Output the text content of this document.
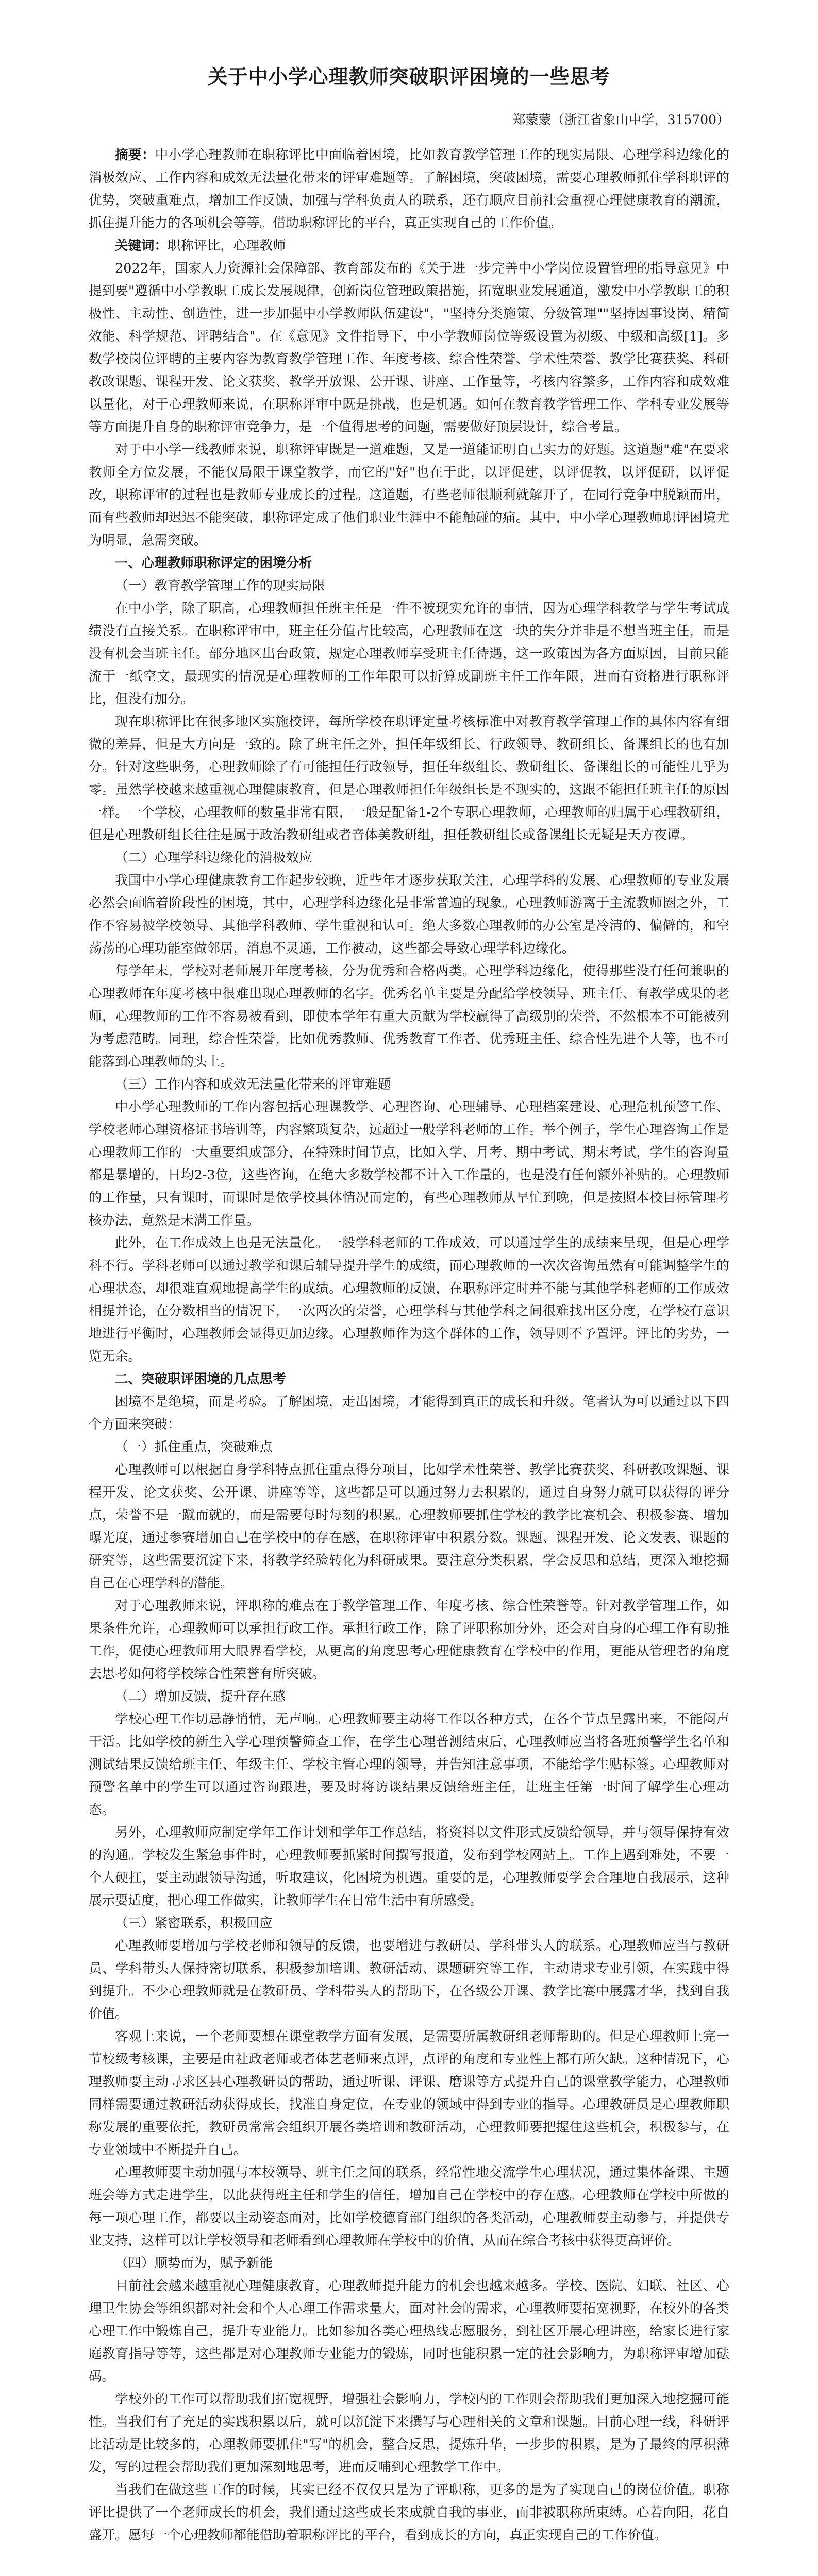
关于中小学心理教师突破职评困境的一些思考
郑蒙蒙（浙江省象山中学，315700）

摘要：中小学心理教师在职称评比中面临着困境，比如教育教学管理工作的现实局限、心理学科边缘化的消极效应、工作内容和成效无法量化带来的评审难题等。了解困境，突破困境，需要心理教师抓住学科职评的优势，突破重难点，增加工作反馈，加强与学科负责人的联系，还有顺应目前社会重视心理健康教育的潮流，抓住提升能力的各项机会等等。借助职称评比的平台，真正实现自己的工作价值。

关键词：职称评比，心理教师

2022年，国家人力资源社会保障部、教育部发布的《关于进一步完善中小学岗位设置管理的指导意见》中提到要"遵循中小学教职工成长发展规律，创新岗位管理政策措施，拓宽职业发展通道，激发中小学教职工的积极性、主动性、创造性，进一步加强中小学教师队伍建设"，"坚持分类施策、分级管理""坚持因事设岗、精简效能、科学规范、评聘结合"。在《意见》文件指导下，中小学教师岗位等级设置为初级、中级和高级⁠[1]⁠。多数学校岗位评聘的主要内容为教育教学管理工作、年度考核、综合性荣誉、学术性荣誉、教学比赛获奖、科研教改课题、课程开发、论文获奖、教学开放课、公开课、讲座、工作量等，考核内容繁多，工作内容和成效难以量化，对于心理教师来说，在职称评审中既是挑战，也是机遇。如何在教育教学管理工作、学科专业发展等等方面提升自身的职称评审竞争力，是一个值得思考的问题，需要做好顶层设计，综合考量。

对于中小学一线教师来说，职称评审既是一道难题，又是一道能证明自己实力的好题。这道题"难"在要求教师全方位发展，不能仅局限于课堂教学，而它的"好"也在于此，以评促建，以评促教，以评促研，以评促改，职称评审的过程也是教师专业成长的过程。这道题，有些老师很顺利就解开了，在同行竞争中脱颖而出，而有些教师却迟迟不能突破，职称评定成了他们职业生涯中不能触碰的痛。其中，中小学心理教师职评困境尤为明显，急需突破。

一、心理教师职称评定的困境分析

（一）教育教学管理工作的现实局限

在中小学，除了职高，心理教师担任班主任是一件不被现实允许的事情，因为心理学科教学与学生考试成绩没有直接关系。在职称评审中，班主任分值占比较高，心理教师在这一块的失分并非是不想当班主任，而是没有机会当班主任。部分地区出台政策，规定心理教师享受班主任待遇，这一政策因为各方面原因，目前只能流于一纸空文，最现实的情况是心理教师的工作年限可以折算成副班主任工作年限，进而有资格进行职称评比，但没有加分。

现在职称评比在很多地区实施校评，每所学校在职评定量考核标准中对教育教学管理工作的具体内容有细微的差异，但是大方向是一致的。除了班主任之外，担任年级组长、行政领导、教研组长、备课组长的也有加分。针对这些职务，心理教师除了有可能担任行政领导，担任年级组长、教研组长、备课组长的可能性几乎为零。虽然学校越来越重视心理健康教育，但是心理教师担任年级组长是不现实的，这跟不能担任班主任的原因一样。一个学校，心理教师的数量非常有限，一般是配备1-2个专职心理教师，心理教师的归属于心理教研组，但是心理教研组长往往是属于政治教研组或者音体美教研组，担任教研组长或备课组长无疑是天方夜谭。

（二）心理学科边缘化的消极效应

我国中小学心理健康教育工作起步较晚，近些年才逐步获取关注，心理学科的发展、心理教师的专业发展必然会面临着阶段性的困境，其中，心理学科边缘化是非常普遍的现象。心理教师游离于主流教师圈之外，工作不容易被学校领导、其他学科教师、学生重视和认可。绝大多数心理教师的办公室是冷清的、偏僻的，和空荡荡的心理功能室做邻居，消息不灵通，工作被动，这些都会导致心理学科边缘化。

每学年末，学校对老师展开年度考核，分为优秀和合格两类。心理学科边缘化，使得那些没有任何兼职的心理教师在年度考核中很难出现心理教师的名字。优秀名单主要是分配给学校领导、班主任、有教学成果的老师，心理教师的工作不容易被看到，即使本学年有重大贡献为学校赢得了高级别的荣誉，不然根本不可能被列为考虑范畴。同理，综合性荣誉，比如优秀教师、优秀教育工作者、优秀班主任、综合性先进个人等，也不可能落到心理教师的头上。

（三）工作内容和成效无法量化带来的评审难题

中小学心理教师的工作内容包括心理课教学、心理咨询、心理辅导、心理档案建设、心理危机预警工作、学校老师心理资格证书培训等，内容繁琐复杂，远超过一般学科老师的工作。举个例子，学生心理咨询工作是心理教师工作的一大重要组成部分，在特殊时间节点，比如入学、月考、期中考试、期末考试，学生的咨询量都是暴增的，日均2-3位，这些咨询，在绝大多数学校都不计入工作量的，也是没有任何额外补贴的。心理教师的工作量，只有课时，而课时是依学校具体情况而定的，有些心理教师从早忙到晚，但是按照本校目标管理考核办法，竟然是未满工作量。

此外，在工作成效上也是无法量化。一般学科老师的工作成效，可以通过学生的成绩来呈现，但是心理学科不行。学科老师可以通过教学和课后辅导提升学生的成绩，而心理教师的一次次咨询虽然有可能调整学生的心理状态，却很难直观地提高学生的成绩。心理教师的反馈，在职称评定时并不能与其他学科老师的工作成效相提并论，在分数相当的情况下，一次两次的荣誉，心理学科与其他学科之间很难找出区分度，在学校有意识地进行平衡时，心理教师会显得更加边缘。心理教师作为这个群体的工作，领导则不予置评。评比的劣势，一览无余。

二、突破职评困境的几点思考

困境不是绝境，而是考验。了解困境，走出困境，才能得到真正的成长和升级。笔者认为可以通过以下四个方面来突破：

（一）抓住重点，突破难点

心理教师可以根据自身学科特点抓住重点得分项目，比如学术性荣誉、教学比赛获奖、科研教改课题、课程开发、论文获奖、公开课、讲座等等，这些都是可以通过努力去积累的，通过自身努力就可以获得的评分点，荣誉不是一蹴而就的，而是需要每时每刻的积累。心理教师要抓住学校的教学比赛机会、积极参赛、增加曝光度，通过参赛增加自己在学校中的存在感，在职称评审中积累分数。课题、课程开发、论文发表、课题的研究等，这些需要沉淀下来，将教学经验转化为科研成果。要注意分类积累，学会反思和总结，更深入地挖掘自己在心理学科的潜能。

对于心理教师来说，评职称的难点在于教学管理工作、年度考核、综合性荣誉等。针对教学管理工作，如果条件允许，心理教师可以承担行政工作。承担行政工作，除了评职称加分外，还会对自身的心理工作有助推工作，促使心理教师用大眼界看学校，从更高的角度思考心理健康教育在学校中的作用，更能从管理者的角度去思考如何将学校综合性荣誉有所突破。

（二）增加反馈，提升存在感

学校心理工作切忌静悄悄，无声响。心理教师要主动将工作以各种方式，在各个节点呈露出来，不能闷声干活。比如学校的新生入学心理预警筛查工作，在学生心理普测结束后，心理教师应当将各班预警学生名单和测试结果反馈给班主任、年级主任、学校主管心理的领导，并告知注意事项，不能给学生贴标签。心理教师对预警名单中的学生可以通过咨询跟进，要及时将访谈结果反馈给班主任，让班主任第一时间了解学生心理动态。

另外，心理教师应制定学年工作计划和学年工作总结，将资料以文件形式反馈给领导，并与领导保持有效的沟通。学校发生紧急事件时，心理教师要抓紧时间撰写报道，发布到学校网站上。工作上遇到难处，不要一个人硬扛，要主动跟领导沟通，听取建议，化困境为机遇。重要的是，心理教师要学会合理地自我展示，这种展示要适度，把心理工作做实，让教师学生在日常生活中有所感受。

（三）紧密联系，积极回应

心理教师要增加与学校老师和领导的反馈，也要增进与教研员、学科带头人的联系。心理教师应当与教研员、学科带头人保持密切联系，积极参加培训、教研活动、课题研究等工作，主动请求专业引领，在实践中得到提升。不少心理教师就是在教研员、学科带头人的帮助下，在各级公开课、教学比赛中展露才华，找到自我价值。

客观上来说，一个老师要想在课堂教学方面有发展，是需要所属教研组老师帮助的。但是心理教师上完一节校级考核课，主要是由社政老师或者体艺老师来点评，点评的角度和专业性上都有所欠缺。这种情况下，心理教师要主动寻求区县心理教研员的帮助，通过听课、评课、磨课等方式提升自己的课堂教学能力，心理教师同样需要通过教研活动获得成长，找准自身定位，在专业的领域中得到专业的指导。心理教研员是心理教师职称发展的重要依托，教研员常常会组织开展各类培训和教研活动，心理教师要把握住这些机会，积极参与，在专业领域中不断提升自己。

心理教师要主动加强与本校领导、班主任之间的联系，经常性地交流学生心理状况，通过集体备课、主题班会等方式走进学生，以此获得班主任和学生的信任，增加自己在学校中的存在感。心理教师在学校中所做的每一项心理工作，都要以主动姿态面对，比如学校德育部门组织的各类活动，心理教师要主动参与，并提供专业支持，这样可以让学校领导和老师看到心理教师在学校中的价值，从而在综合考核中获得更高评价。

（四）顺势而为，赋予新能

目前社会越来越重视心理健康教育，心理教师提升能力的机会也越来越多。学校、医院、妇联、社区、心理卫生协会等组织都对社会和个人心理工作需求量大，面对社会的需求，心理教师要拓宽视野，在校外的各类心理工作中锻炼自己，提升专业能力。比如参加各类心理热线志愿服务，到社区开展心理讲座，给家长进行家庭教育指导等等，这些都是对心理教师专业能力的锻炼，同时也能积累一定的社会影响力，为职称评审增加砝码。

学校外的工作可以帮助我们拓宽视野，增强社会影响力，学校内的工作则会帮助我们更加深入地挖掘可能性。当我们有了充足的实践积累以后，就可以沉淀下来撰写与心理相关的文章和课题。目前心理一线，科研评比活动是比较多的，心理教师要抓住"写"的机会，整合反思，提炼升华，一步步的积累，是为了最终的厚积薄发，写的过程会帮助我们更加深刻地思考，进而反哺到心理教学工作中。

当我们在做这些工作的时候，其实已经不仅仅只是为了评职称，更多的是为了实现自己的岗位价值。职称评比提供了一个老师成长的机会，我们通过这些成长来成就自我的事业，而非被职称所束缚。心若向阳，花自盛开。愿每一个心理教师都能借助着职称评比的平台，看到成长的方向，真正实现自己的工作价值。
